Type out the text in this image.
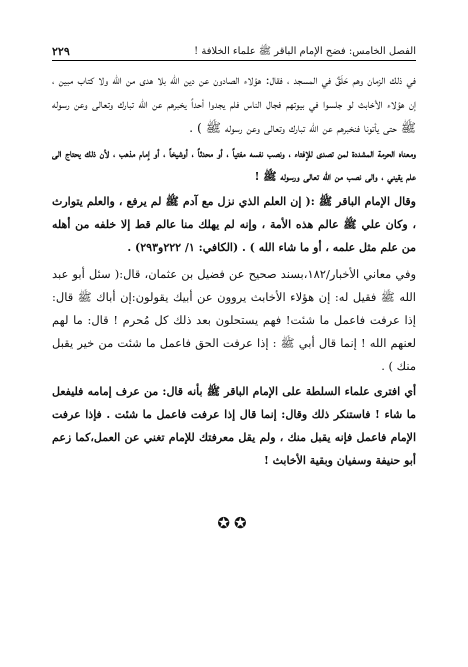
الفصل الخامس: فضح الإمام الباقر ﷺ علماء الخلافة !
٢٢٩

في ذلك الزمان وهم حَلَقٌ في المسجد ، فقال: هؤلاء الصادون عن دين الله بلا هدى من الله ولا كتاب مبين ، إن هؤلاء الأخابث لو جلسوا في بيوتهم فجال الناس فلم يجدوا أحداً يخبرهم عن الله تبارك وتعالى وعن رسوله ﷺ حتى يأتونا فنخبرهم عن الله تبارك وتعالى وعن رسوله ﷺ ) .

ومعناه الحرمة المشددة لمن تصدى للإفتاء ، ونصب نفسه مفتياً ، أو محدثاً ، أوشيخاً ، أو إمام مذهب ، لأن ذلك يحتاج الى علم يقيني ، والى نصب من الله تعالى ورسوله ﷺ !

وقال الإمام الباقر ﷺ :( إن العلم الذي نزل مع آدم ﷺ لم يرفع ، والعلم يتوارث ، وكان علي ﷺ عالم هذه الأمة ، وإنه لم يهلك منا عالم قط إلا خلفه من أهله من علم مثل علمه ، أو ما شاء الله ) . (الكافي: ١/ ٢٢٢و٢٩٣) .

وفي معاني الأخبار/١٨٢،بسند صحيح عن فضيل بن عثمان، قال:( سئل أبو عبد الله ﷺ فقيل له: إن هؤلاء الأخابث يروون عن أبيك يقولون:إن أباك ﷺ قال: إذا عرفت فاعمل ما شئت! فهم يستحلون بعد ذلك كل مُحرم ! قال: ما لهم لعنهم الله ! إنما قال أبي ﷺ : إذا عرفت الحق فاعمل ما شئت من خير يقبل منك ) .

أي افترى علماء السلطة على الإمام الباقر ﷺ بأنه قال: من عرف إمامه فليفعل ما شاء ! فاستنكر ذلك وقال: إنما قال إذا عرفت فاعمل ما شئت . فإذا عرفت الإمام فاعمل فإنه يقبل منك ، ولم يقل معرفتك للإمام تغني عن العمل،كما زعم أبو حنيفة وسفيان وبقية الأخابث !

✪✪
